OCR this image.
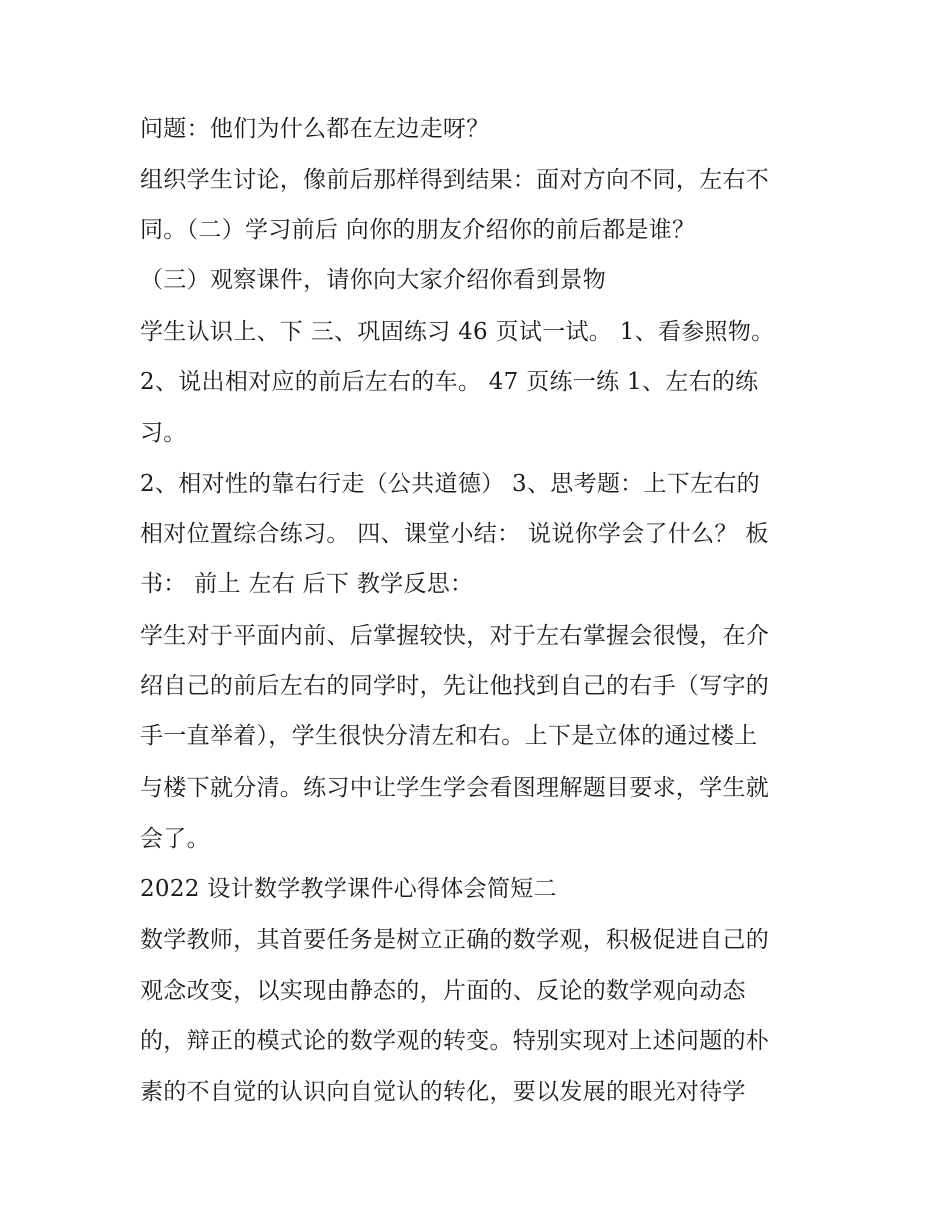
问题：他们为什么都在左边走呀？

组织学生讨论，像前后那样得到结果：面对方向不同，左右不

同。（二）学习前后 向你的朋友介绍你的前后都是谁？

（三）观察课件，请你向大家介绍你看到景物

学生认识上、下 三、巩固练习 46 页试一试。 1、看参照物。

2、说出相对应的前后左右的车。 47 页练一练 1、左右的练

习。

2、相对性的靠右行走（公共道德） 3、思考题：上下左右的

相对位置综合练习。 四、课堂小结： 说说你学会了什么？ 板

书： 前上 左右 后下 教学反思：

学生对于平面内前、后掌握较快，对于左右掌握会很慢，在介

绍自己的前后左右的同学时，先让他找到自己的右手（写字的

手一直举着），学生很快分清左和右。上下是立体的通过楼上

与楼下就分清。练习中让学生学会看图理解题目要求，学生就

会了。

2022 设计数学教学课件心得体会简短二

数学教师，其首要任务是树立正确的数学观，积极促进自己的

观念改变，以实现由静态的，片面的、反论的数学观向动态

的，辩正的模式论的数学观的转变。特别实现对上述问题的朴

素的不自觉的认识向自觉认的转化，要以发展的眼光对待学
